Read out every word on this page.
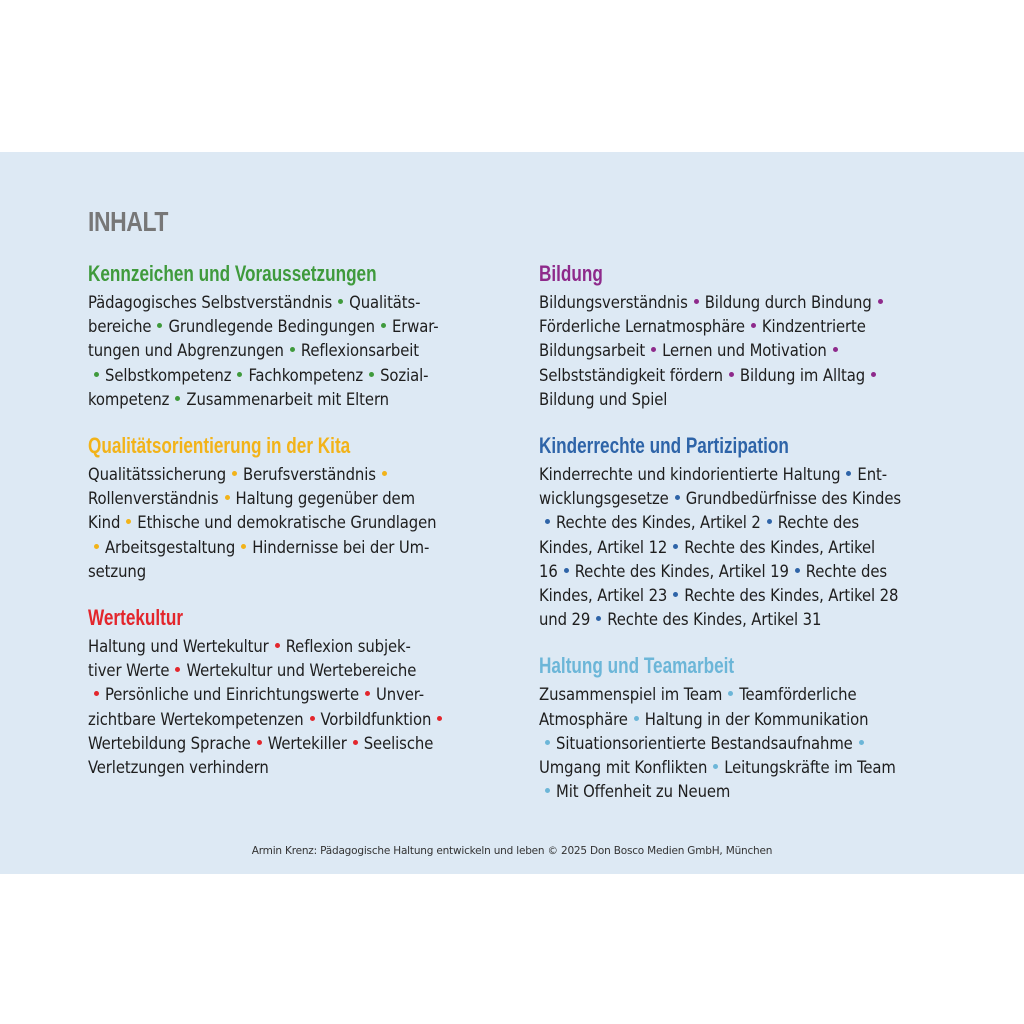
INHALT
Kennzeichen und Voraussetzungen

Pädagogisches Selbstverständnis Qualitäts-
bereiche Grundlegende Bedingungen Erwar-
tungen und Abgrenzungen Reflexionsarbeit
Selbstkompetenz Fachkompetenz Sozial-
kompetenz Zusammenarbeit mit Eltern

Qualitätsorientierung in der Kita

Qualitätssicherung Berufsverständnis
Rollenverständnis Haltung gegenüber dem
Kind Ethische und demokratische Grundlagen
Arbeitsgestaltung Hindernisse bei der Um-
setzung

Wertekultur

Haltung und Wertekultur Reflexion subjek-
tiver Werte Wertekultur und Wertebereiche
Persönliche und Einrichtungswerte Unver-
zichtbare Wertekompetenzen Vorbildfunktion
Wertebildung Sprache Wertekiller Seelische
Verletzungen verhindern

Bildung

Bildungsverständnis Bildung durch Bindung
Förderliche Lernatmosphäre Kindzentrierte
Bildungsarbeit Lernen und Motivation
Selbstständigkeit fördern Bildung im Alltag
Bildung und Spiel

Kinderrechte und Partizipation

Kinderrechte und kindorientierte Haltung Ent-
wicklungsgesetze Grundbedürfnisse des Kindes
Rechte des Kindes, Artikel 2 Rechte des
Kindes, Artikel 12 Rechte des Kindes, Artikel
16 Rechte des Kindes, Artikel 19 Rechte des
Kindes, Artikel 23 Rechte des Kindes, Artikel 28
und 29 Rechte des Kindes, Artikel 31

Haltung und Teamarbeit

Zusammenspiel im Team Teamförderliche
Atmosphäre Haltung in der Kommunikation
Situationsorientierte Bestandsaufnahme
Umgang mit Konflikten Leitungskräfte im Team
Mit Offenheit zu Neuem

Armin Krenz: Pädagogische Haltung entwickeln und leben © 2025 Don Bosco Medien GmbH, München
